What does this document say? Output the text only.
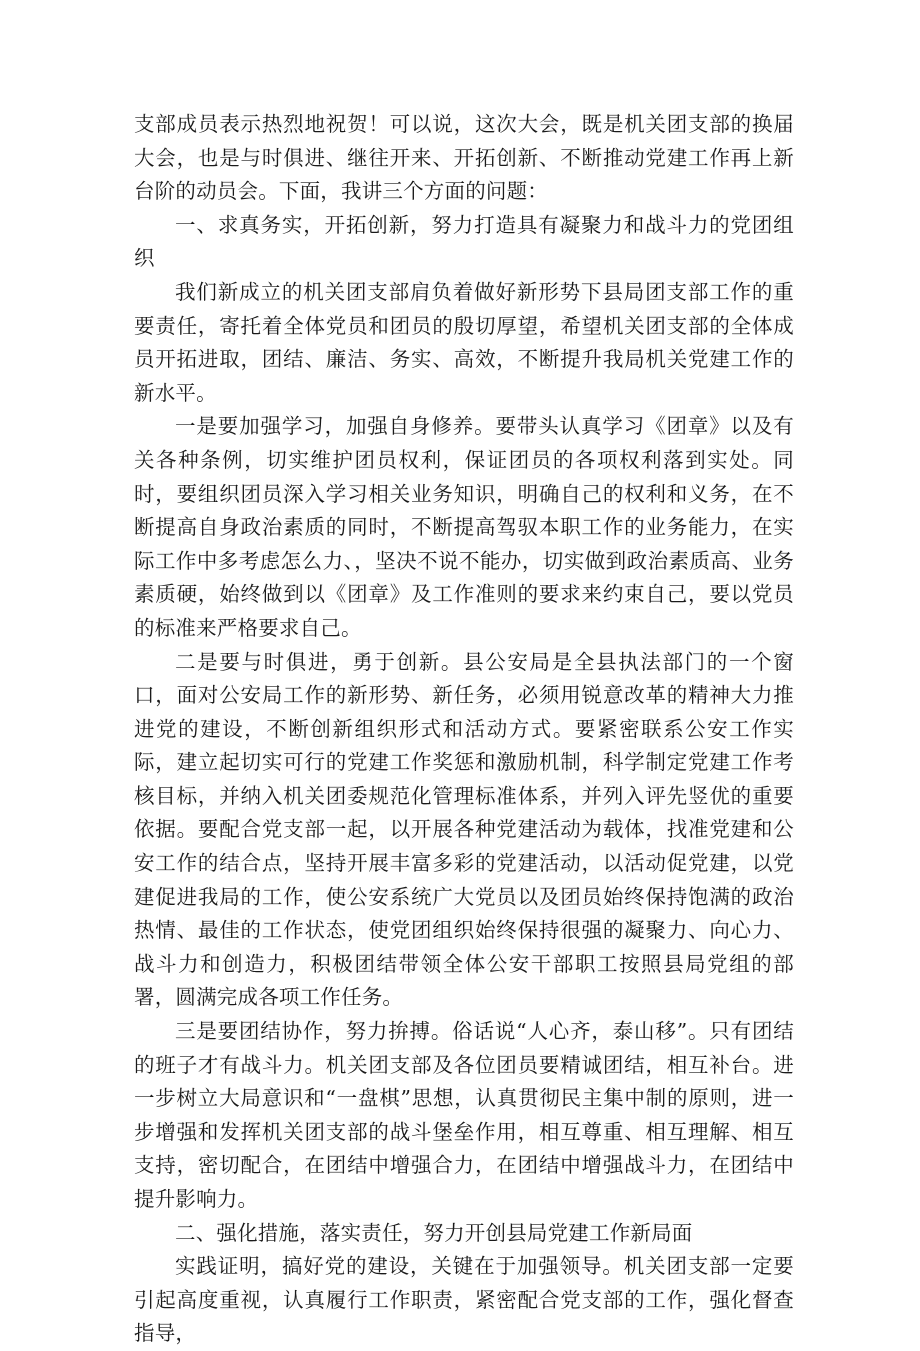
支部成员表示热烈地祝贺！可以说，这次大会，既是机关团支部的换届大会，也是与时俱进、继往开来、开拓创新、不断推动党建工作再上新台阶的动员会。下面，我讲三个方面的问题：

一、求真务实，开拓创新，努力打造具有凝聚力和战斗力的党团组织

我们新成立的机关团支部肩负着做好新形势下县局团支部工作的重要责任，寄托着全体党员和团员的殷切厚望，希望机关团支部的全体成员开拓进取，团结、廉洁、务实、高效，不断提升我局机关党建工作的新水平。

一是要加强学习，加强自身修养。要带头认真学习《团章》以及有关各种条例，切实维护团员权利，保证团员的各项权利落到实处。同时，要组织团员深入学习相关业务知识，明确自己的权利和义务，在不断提高自身政治素质的同时，不断提高驾驭本职工作的业务能力，在实际工作中多考虑怎么力、，坚决不说不能办，切实做到政治素质高、业务素质硬，始终做到以《团章》及工作准则的要求来约束自己，要以党员的标准来严格要求自己。

二是要与时俱进，勇于创新。县公安局是全县执法部门的一个窗口，面对公安局工作的新形势、新任务，必须用锐意改革的精神大力推进党的建设，不断创新组织形式和活动方式。要紧密联系公安工作实际，建立起切实可行的党建工作奖惩和激励机制，科学制定党建工作考核目标，并纳入机关团委规范化管理标准体系，并列入评先竖优的重要依据。要配合党支部一起，以开展各种党建活动为载体，找准党建和公安工作的结合点，坚持开展丰富多彩的党建活动，以活动促党建，以党建促进我局的工作，使公安系统广大党员以及团员始终保持饱满的政治热情、最佳的工作状态，使党团组织始终保持很强的凝聚力、向心力、战斗力和创造力，积极团结带领全体公安干部职工按照县局党组的部署，圆满完成各项工作任务。

三是要团结协作，努力拚搏。俗话说“人心齐，泰山移”。只有团结的班子才有战斗力。机关团支部及各位团员要精诚团结，相互补台。进一步树立大局意识和“一盘棋”思想，认真贯彻民主集中制的原则，进一步增强和发挥机关团支部的战斗堡垒作用，相互尊重、相互理解、相互支持，密切配合，在团结中增强合力，在团结中增强战斗力，在团结中提升影响力。

二、强化措施，落实责任，努力开创县局党建工作新局面

实践证明，搞好党的建设，关键在于加强领导。机关团支部一定要引起高度重视，认真履行工作职责，紧密配合党支部的工作，强化督查指导，
